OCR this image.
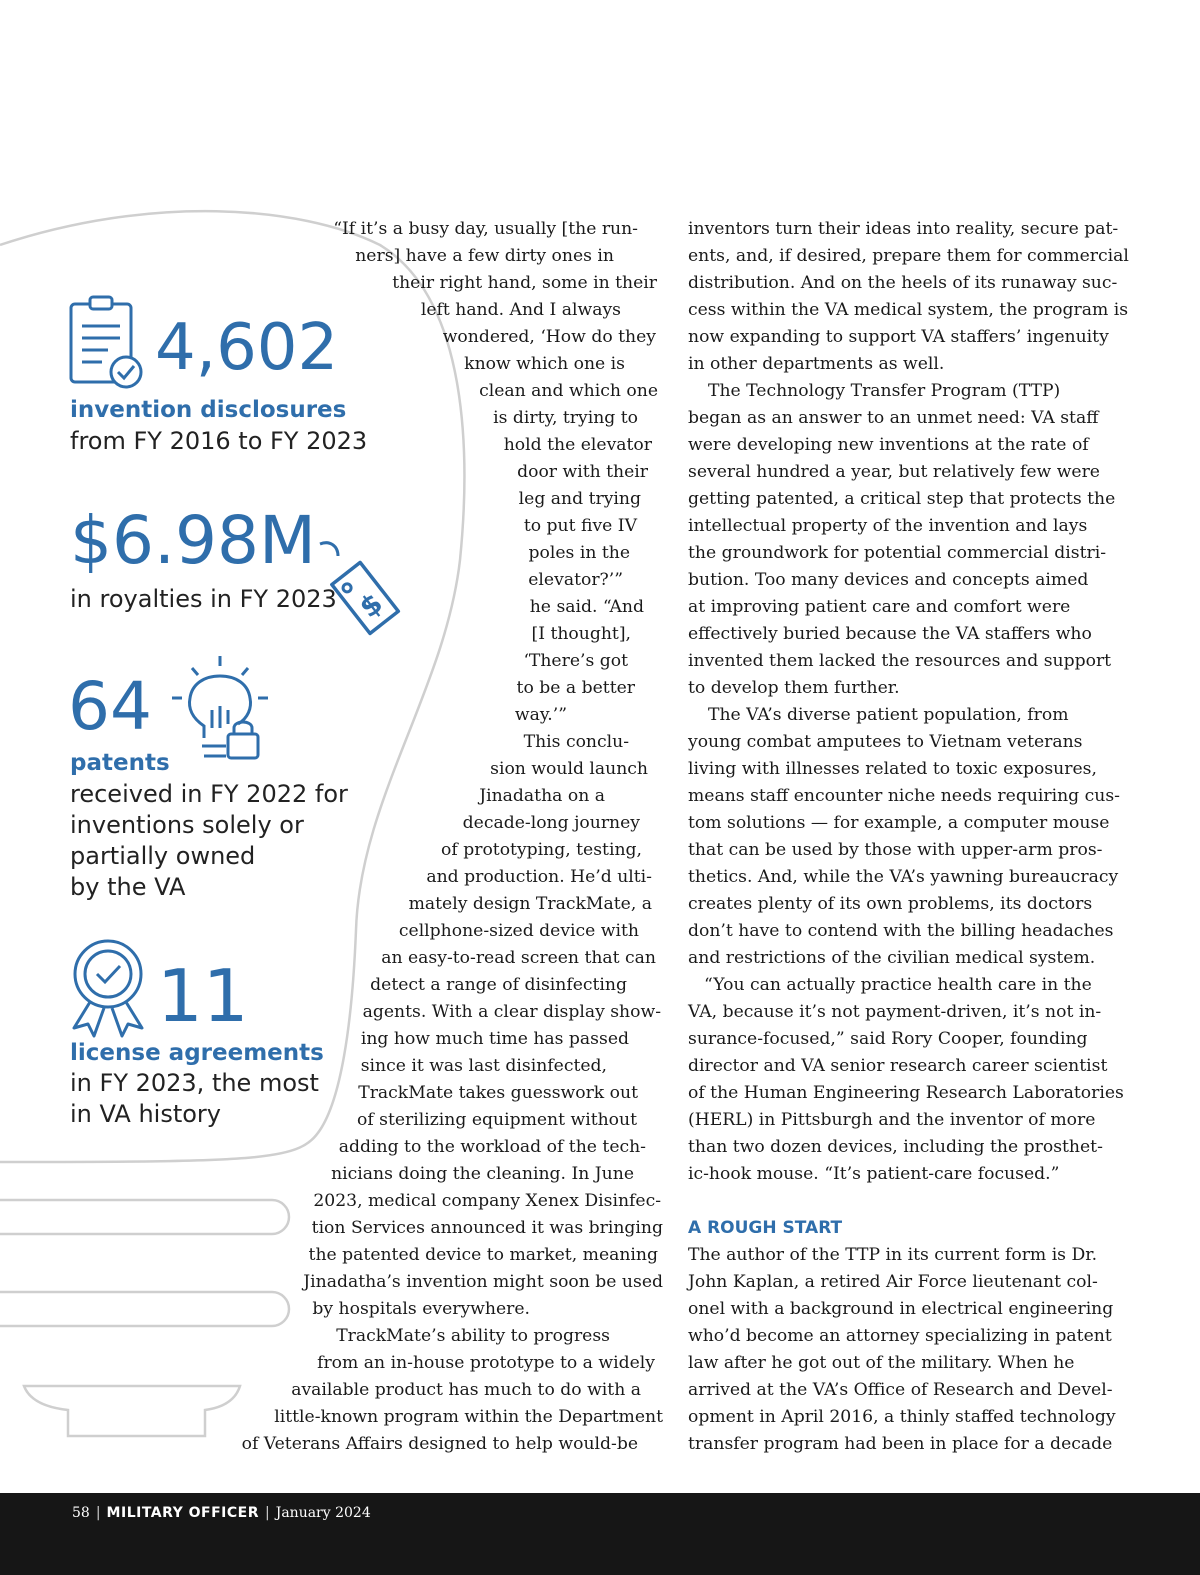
4,602
invention disclosures
from FY 2016 to FY 2023
$6.98M
in royalties in FY 2023 $
64
patents
received in FY 2022 for
inventions solely or
partially owned
by the VA
11
license agreements
in FY 2023, the most
in VA history

“If it’s a busy day, usually [the run-

ners] have a few dirty ones in

their right hand, some in their

left hand. And I always

wondered, ‘How do they

know which one is

clean and which one

is dirty, trying to

hold the elevator

door with their

leg and trying

to put five IV

poles in the

elevator?’”

he said. “And

[I thought],

‘There’s got

to be a better

way.’”

This conclu-

sion would launch

Jinadatha on a

decade-long journey

of prototyping, testing,

and production. He’d ulti-

mately design TrackMate, a

cellphone-sized device with

an easy-to-read screen that can

detect a range of disinfecting

agents. With a clear display show-

ing how much time has passed

since it was last disinfected,

TrackMate takes guesswork out

of sterilizing equipment without

adding to the workload of the tech-

nicians doing the cleaning. In June

2023, medical company Xenex Disinfec-

tion Services announced it was bringing

the patented device to market, meaning

Jinadatha’s invention might soon be used

by hospitals everywhere.

TrackMate’s ability to progress

from an in-house prototype to a widely

available product has much to do with a

little-known program within the Department

of Veterans Affairs designed to help would-be

inventors turn their ideas into reality, secure pat-

ents, and, if desired, prepare them for commercial

distribution. And on the heels of its runaway suc-

cess within the VA medical system, the program is

now expanding to support VA staffers’ ingenuity

in other departments as well.

The Technology Transfer Program (TTP)

began as an answer to an unmet need: VA staff

were developing new inventions at the rate of

several hundred a year, but relatively few were

getting patented, a critical step that protects the

intellectual property of the invention and lays

the groundwork for potential commercial distri-

bution. Too many devices and concepts aimed

at improving patient care and comfort were

effectively buried because the VA staffers who

invented them lacked the resources and support

to develop them further.

The VA’s diverse patient population, from

young combat amputees to Vietnam veterans

living with illnesses related to toxic exposures,

means staff encounter niche needs requiring cus-

tom solutions — for example, a computer mouse

that can be used by those with upper-arm pros-

thetics. And, while the VA’s yawning bureaucracy

creates plenty of its own problems, its doctors

don’t have to contend with the billing headaches

and restrictions of the civilian medical system.

“You can actually practice health care in the

VA, because it’s not payment-driven, it’s not in-

surance-focused,” said Rory Cooper, founding

director and VA senior research career scientist

of the Human Engineering Research Laboratories

(HERL) in Pittsburgh and the inventor of more

than two dozen devices, including the prosthet-

ic-hook mouse. “It’s patient-care focused.”

A ROUGH START

The author of the TTP in its current form is Dr.

John Kaplan, a retired Air Force lieutenant col-

onel with a background in electrical engineering

who’d become an attorney specializing in patent

law after he got out of the military. When he

arrived at the VA’s Office of Research and Devel-

opment in April 2016, a thinly staffed technology

transfer program had been in place for a decade

58 | MILITARY OFFICER | January 2024
